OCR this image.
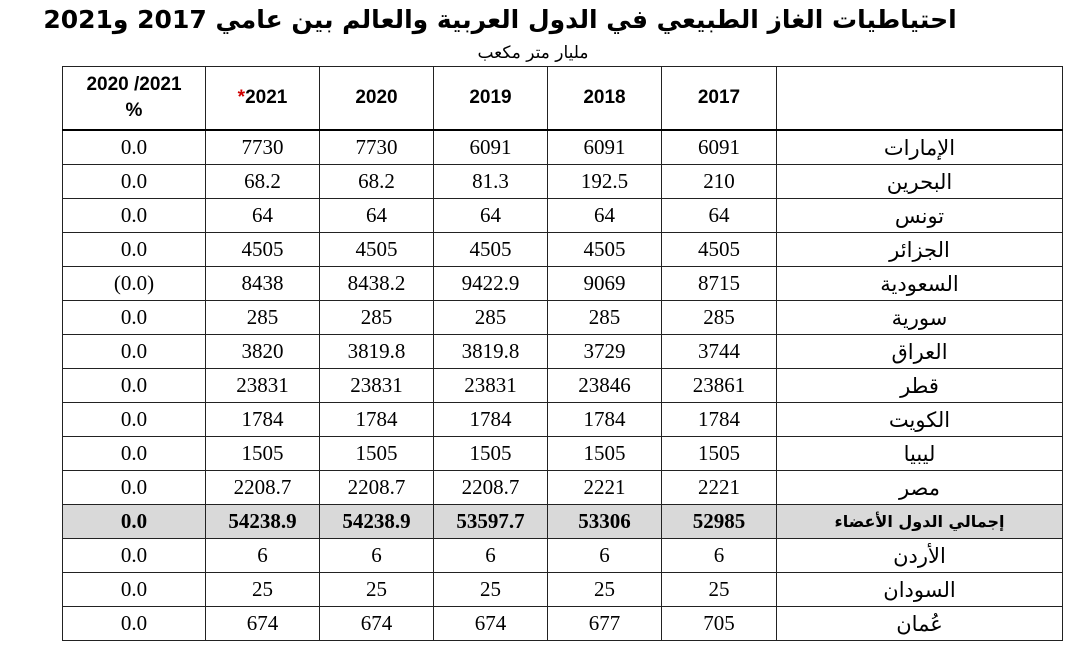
احتياطيات الغاز الطبيعي في الدول العربية والعالم بين عامي 2017 و2021
مليار متر مكعب
2020 /2021
%	*2021	2020	2019	2018	2017	
0.0	7730	7730	6091	6091	6091	الإمارات
0.0	68.2	68.2	81.3	192.5	210	البحرين
0.0	64	64	64	64	64	تونس
0.0	4505	4505	4505	4505	4505	الجزائر
(0.0)	8438	8438.2	9422.9	9069	8715	السعودية
0.0	285	285	285	285	285	سورية
0.0	3820	3819.8	3819.8	3729	3744	العراق
0.0	23831	23831	23831	23846	23861	قطر
0.0	1784	1784	1784	1784	1784	الكويت
0.0	1505	1505	1505	1505	1505	ليبيا
0.0	2208.7	2208.7	2208.7	2221	2221	مصر
0.0	54238.9	54238.9	53597.7	53306	52985	إجمالي الدول الأعضاء
0.0	6	6	6	6	6	الأردن
0.0	25	25	25	25	25	السودان
0.0	674	674	674	677	705	عُمان
